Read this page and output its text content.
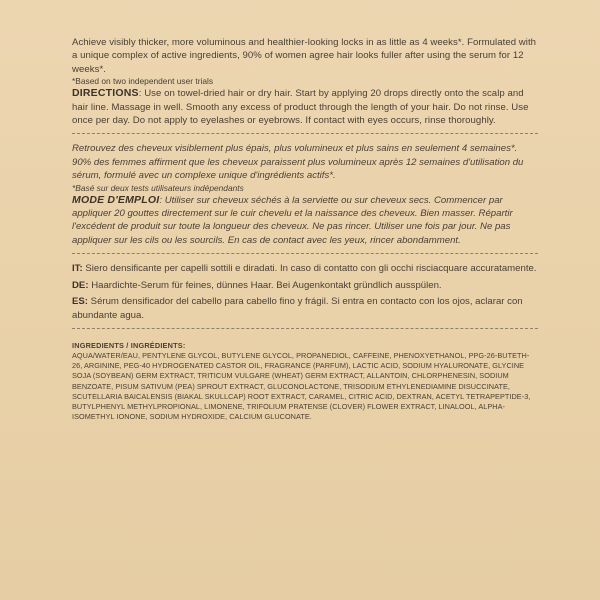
Achieve visibly thicker, more voluminous and healthier-looking locks in as little as 4 weeks*. Formulated with a unique complex of active ingredients, 90% of women agree hair looks fuller after using the serum for 12 weeks*.

*Based on two independent user trials

DIRECTIONS: Use on towel-dried hair or dry hair. Start by applying 20 drops directly onto the scalp and hair line. Massage in well. Smooth any excess of product through the length of your hair. Do not rinse. Use once per day. Do not apply to eyelashes or eyebrows. If contact with eyes occurs, rinse thoroughly.

Retrouvez des cheveux visiblement plus épais, plus volumineux et plus sains en seulement 4 semaines*. 90% des femmes affirment que les cheveux paraissent plus volumineux après 12 semaines d'utilisation du sérum, formulé avec un complexe unique d'ingrédients actifs*.

*Basé sur deux tests utilisateurs indépendants

MODE D'EMPLOI: Utiliser sur cheveux séchés à la serviette ou sur cheveux secs. Commencer par appliquer 20 gouttes directement sur le cuir chevelu et la naissance des cheveux. Bien masser. Répartir l'excédent de produit sur toute la longueur des cheveux. Ne pas rincer. Utiliser une fois par jour. Ne pas appliquer sur les cils ou les sourcils. En cas de contact avec les yeux, rincer abondamment.

IT: Siero densificante per capelli sottili e diradati. In caso di contatto con gli occhi risciacquare accuratamente.

DE: Haardichte-Serum für feines, dünnes Haar. Bei Augenkontakt gründlich ausspülen.

ES: Sérum densificador del cabello para cabello fino y frágil. Si entra en contacto con los ojos, aclarar con abundante agua.

INGREDIENTS / INGRÉDIENTS:

AQUA/WATER/EAU, PENTYLENE GLYCOL, BUTYLENE GLYCOL, PROPANEDIOL, CAFFEINE, PHENOXYETHANOL, PPG-26-BUTETH-26, ARGININE, PEG-40 HYDROGENATED CASTOR OIL, FRAGRANCE (PARFUM), LACTIC ACID, SODIUM HYALURONATE, GLYCINE SOJA (SOYBEAN) GERM EXTRACT, TRITICUM VULGARE (WHEAT) GERM EXTRACT, ALLANTOIN, CHLORPHENESIN, SODIUM BENZOATE, PISUM SATIVUM (PEA) SPROUT EXTRACT, GLUCONOLACTONE, TRISODIUM ETHYLENEDIAMINE DISUCCINATE, SCUTELLARIA BAICALENSIS (BIAKAL SKULLCAP) ROOT EXTRACT, CARAMEL, CITRIC ACID, DEXTRAN, ACETYL TETRAPEPTIDE-3, BUTYLPHENYL METHYLPROPIONAL, LIMONENE, TRIFOLIUM PRATENSE (CLOVER) FLOWER EXTRACT, LINALOOL, ALPHA-ISOMETHYL IONONE, SODIUM HYDROXIDE, CALCIUM GLUCONATE.
